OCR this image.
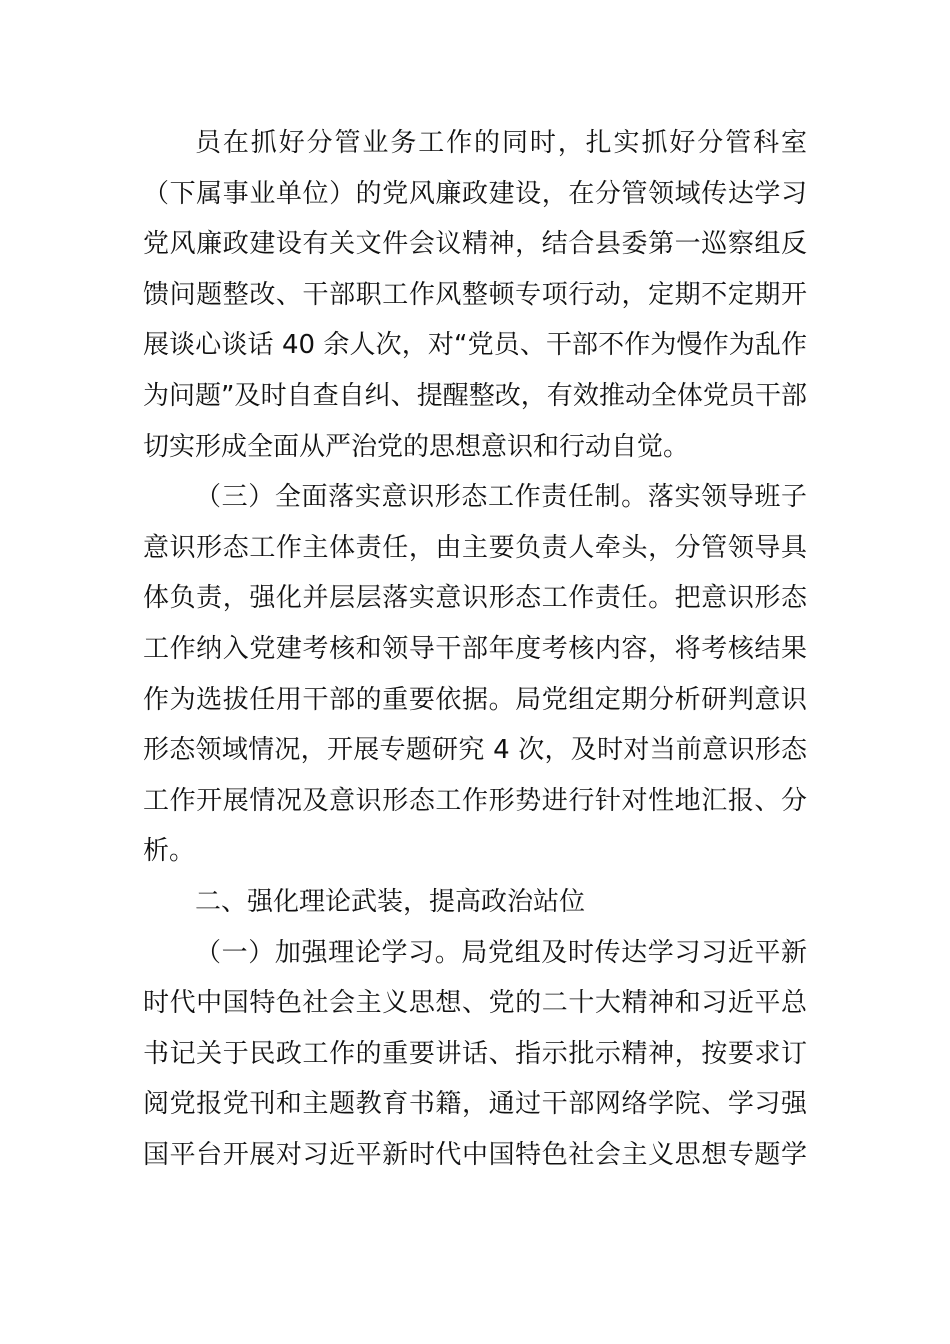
员在抓好分管业务工作的同时，扎实抓好分管科室
（下属事业单位）的党风廉政建设，在分管领域传达学习
党风廉政建设有关文件会议精神，结合县委第一巡察组反
馈问题整改、干部职工作风整顿专项行动，定期不定期开
展谈心谈话 40 余人次，对“党员、干部不作为慢作为乱作
为问题”及时自查自纠、提醒整改，有效推动全体党员干部
切实形成全面从严治党的思想意识和行动自觉。
（三）全面落实意识形态工作责任制。落实领导班子
意识形态工作主体责任，由主要负责人牵头，分管领导具
体负责，强化并层层落实意识形态工作责任。把意识形态
工作纳入党建考核和领导干部年度考核内容，将考核结果
作为选拔任用干部的重要依据。局党组定期分析研判意识
形态领域情况，开展专题研究 4 次，及时对当前意识形态
工作开展情况及意识形态工作形势进行针对性地汇报、分
析。
二、强化理论武装，提高政治站位
（一）加强理论学习。局党组及时传达学习习近平新
时代中国特色社会主义思想、党的二十大精神和习近平总
书记关于民政工作的重要讲话、指示批示精神，按要求订
阅党报党刊和主题教育书籍，通过干部网络学院、学习强
国平台开展对习近平新时代中国特色社会主义思想专题学
